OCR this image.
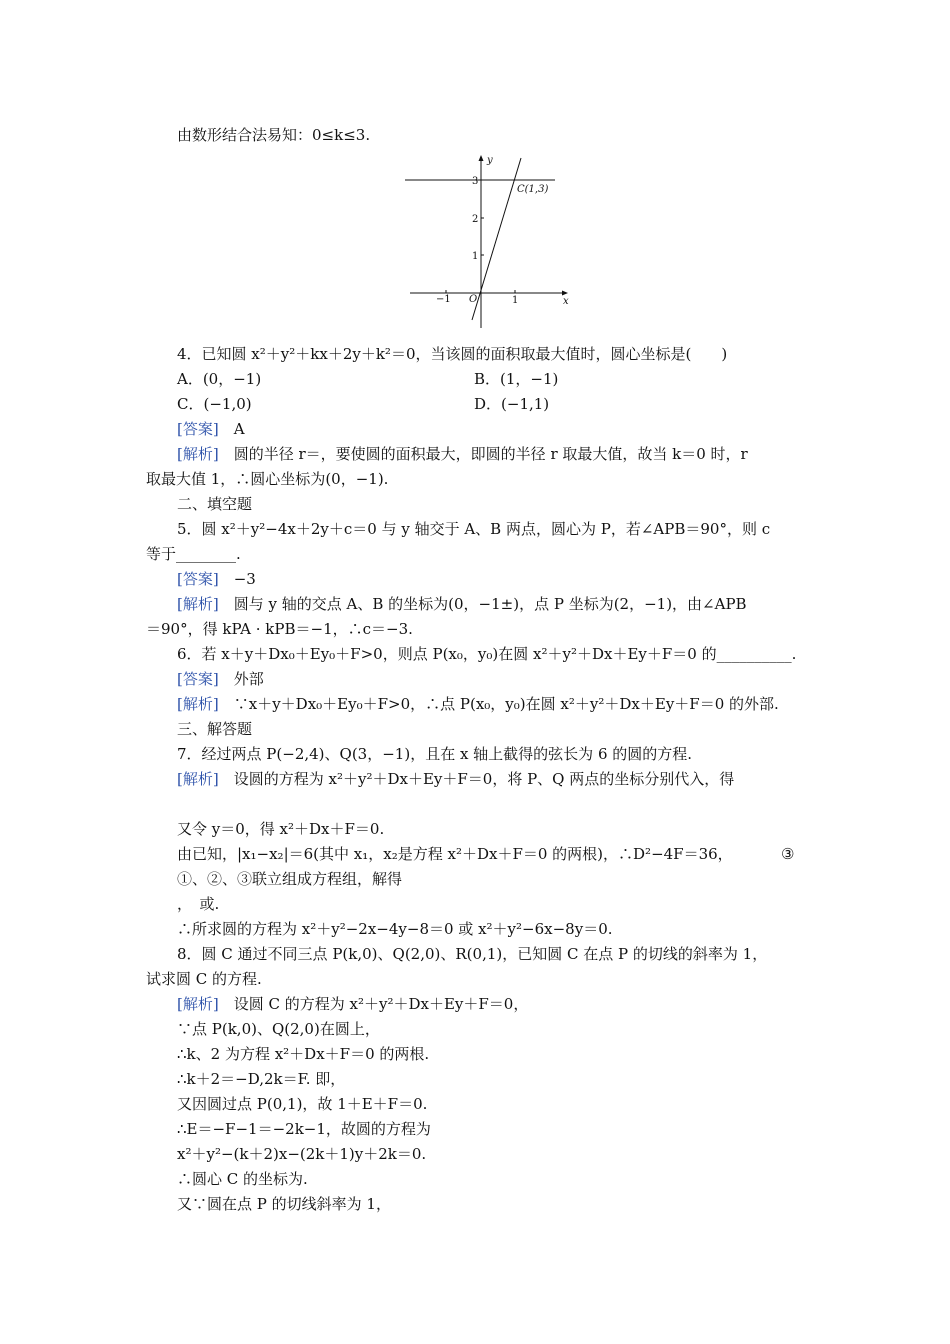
由数形结合法易知：0≤k≤3.
y
x
O
−1	1
1
2
3
C(1,3)
4．已知圆 x²＋y²＋kx＋2y＋k²＝0，当该圆的面积取最大值时，圆心坐标是(　　)
A．(0，−1)	B．(1，−1)
C．(−1,0)	D．(−1,1)
[答案]　 A
[解析]　 圆的半径 r＝，要使圆的面积最大，即圆的半径 r 取最大值，故当 k＝0 时，r
取最大值 1，∴圆心坐标为(0，−1).
二、填空题
5．圆 x²＋y²−4x＋2y＋c＝0 与 y 轴交于 A、B 两点，圆心为 P，若∠APB＝90°，则 c
等于________.
[答案]　 −3
[解析]　 圆与 y 轴的交点 A、B 的坐标为(0，−1±)，点 P 坐标为(2，−1)，由∠APB
＝90°，得 kPA · kPB＝−1，∴c＝−3.
6．若 x＋y＋Dx₀＋Ey₀＋F>0，则点 P(x₀，y₀)在圆 x²＋y²＋Dx＋Ey＋F＝0 的__________.
[答案]　 外部
[解析]　 ∵x＋y＋Dx₀＋Ey₀＋F>0，∴点 P(x₀，y₀)在圆 x²＋y²＋Dx＋Ey＋F＝0 的外部.
三、解答题
7．经过两点 P(−2,4)、Q(3，−1)，且在 x 轴上截得的弦长为 6 的圆的方程.
[解析]　 设圆的方程为 x²＋y²＋Dx＋Ey＋F＝0，将 P、Q 两点的坐标分别代入，得
又令 y＝0，得 x²＋Dx＋F＝0.
由已知，|x₁−x₂|＝6(其中 x₁，x₂是方程 x²＋Dx＋F＝0 的两根)，∴D²−4F＝36，	③
①、②、③联立组成方程组，解得
，　或.
∴所求圆的方程为 x²＋y²−2x−4y−8＝0 或 x²＋y²−6x−8y＝0.
8．圆 C 通过不同三点 P(k,0)、Q(2,0)、R(0,1)，已知圆 C 在点 P 的切线的斜率为 1，
试求圆 C 的方程.
[解析]　 设圆 C 的方程为 x²＋y²＋Dx＋Ey＋F＝0，
∵点 P(k,0)、Q(2,0)在圆上，
∴k、2 为方程 x²＋Dx＋F＝0 的两根.
∴k＋2＝−D,2k＝F. 即，
又因圆过点 P(0,1)，故 1＋E＋F＝0.
∴E＝−F−1＝−2k−1，故圆的方程为
x²＋y²−(k＋2)x−(2k＋1)y＋2k＝0.
∴圆心 C 的坐标为.
又∵圆在点 P 的切线斜率为 1，
